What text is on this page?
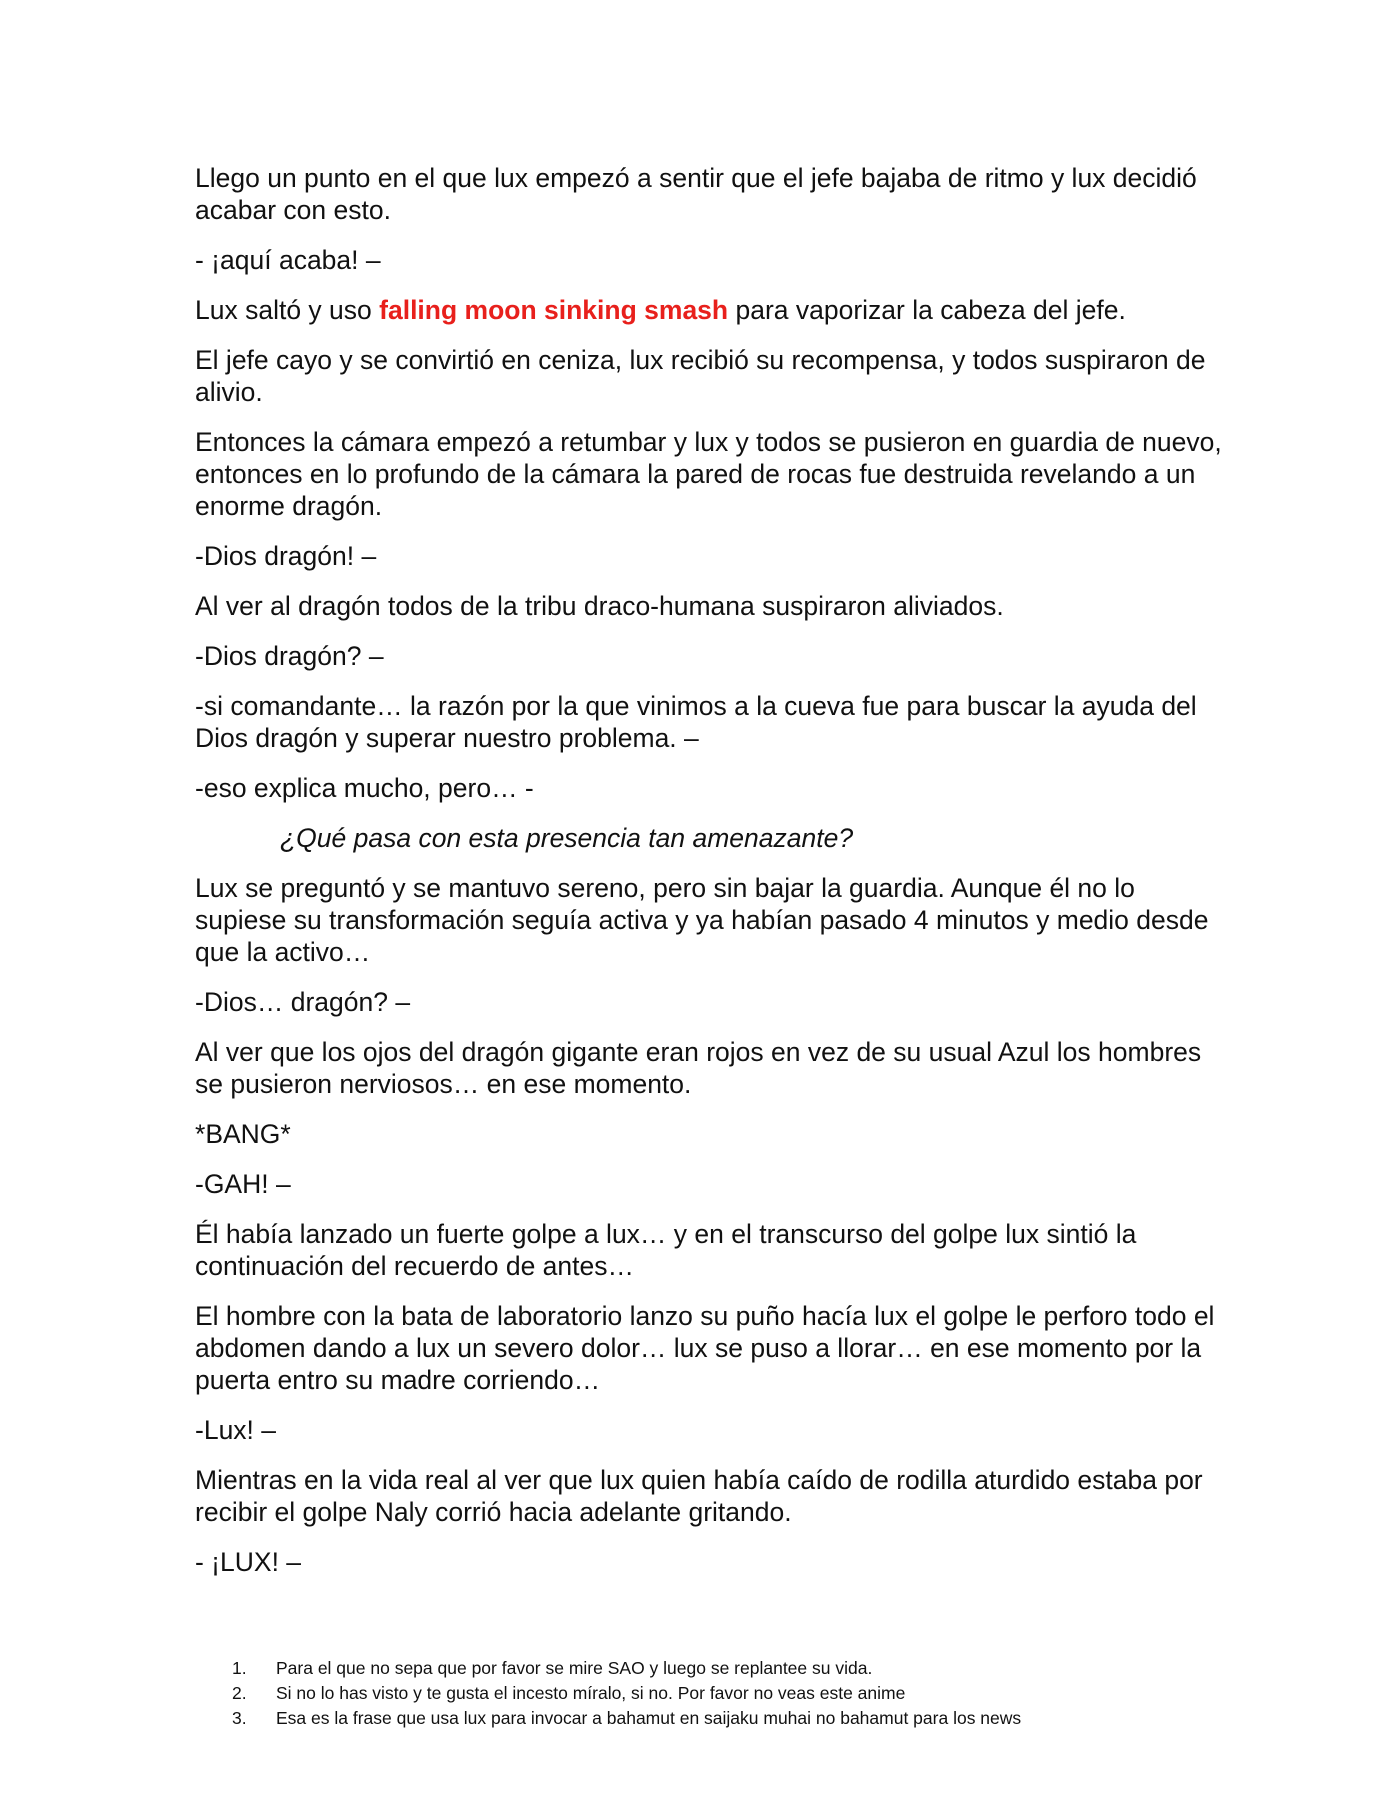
Llego un punto en el que lux empezó a sentir que el jefe bajaba de ritmo y lux decidió acabar con esto.

- ¡aquí acaba! –

Lux saltó y uso falling moon sinking smash para vaporizar la cabeza del jefe.

El jefe cayo y se convirtió en ceniza, lux recibió su recompensa, y todos suspiraron de alivio.

Entonces la cámara empezó a retumbar y lux y todos se pusieron en guardia de nuevo, entonces en lo profundo de la cámara la pared de rocas fue destruida revelando a un enorme dragón.

-Dios dragón! –

Al ver al dragón todos de la tribu draco-humana suspiraron aliviados.

-Dios dragón? –

-si comandante… la razón por la que vinimos a la cueva fue para buscar la ayuda del Dios dragón y superar nuestro problema. –

-eso explica mucho, pero… -

¿Qué pasa con esta presencia tan amenazante?

Lux se preguntó y se mantuvo sereno, pero sin bajar la guardia. Aunque él no lo supiese su transformación seguía activa y ya habían pasado 4 minutos y medio desde que la activo…

-Dios… dragón? –

Al ver que los ojos del dragón gigante eran rojos en vez de su usual Azul los hombres se pusieron nerviosos… en ese momento.

*BANG*

-GAH! –

Él había lanzado un fuerte golpe a lux… y en el transcurso del golpe lux sintió la continuación del recuerdo de antes…

El hombre con la bata de laboratorio lanzo su puño hacía lux el golpe le perforo todo el abdomen dando a lux un severo dolor… lux se puso a llorar… en ese momento por la puerta entro su madre corriendo…

-Lux! –

Mientras en la vida real al ver que lux quien había caído de rodilla aturdido estaba por recibir el golpe Naly corrió hacia adelante gritando.

- ¡LUX! –

1.	Para el que no sepa que por favor se mire SAO y luego se replantee su vida.
2.	Si no lo has visto y te gusta el incesto míralo, si no. Por favor no veas este anime
3.	Esa es la frase que usa lux para invocar a bahamut en saijaku muhai no bahamut para los news
